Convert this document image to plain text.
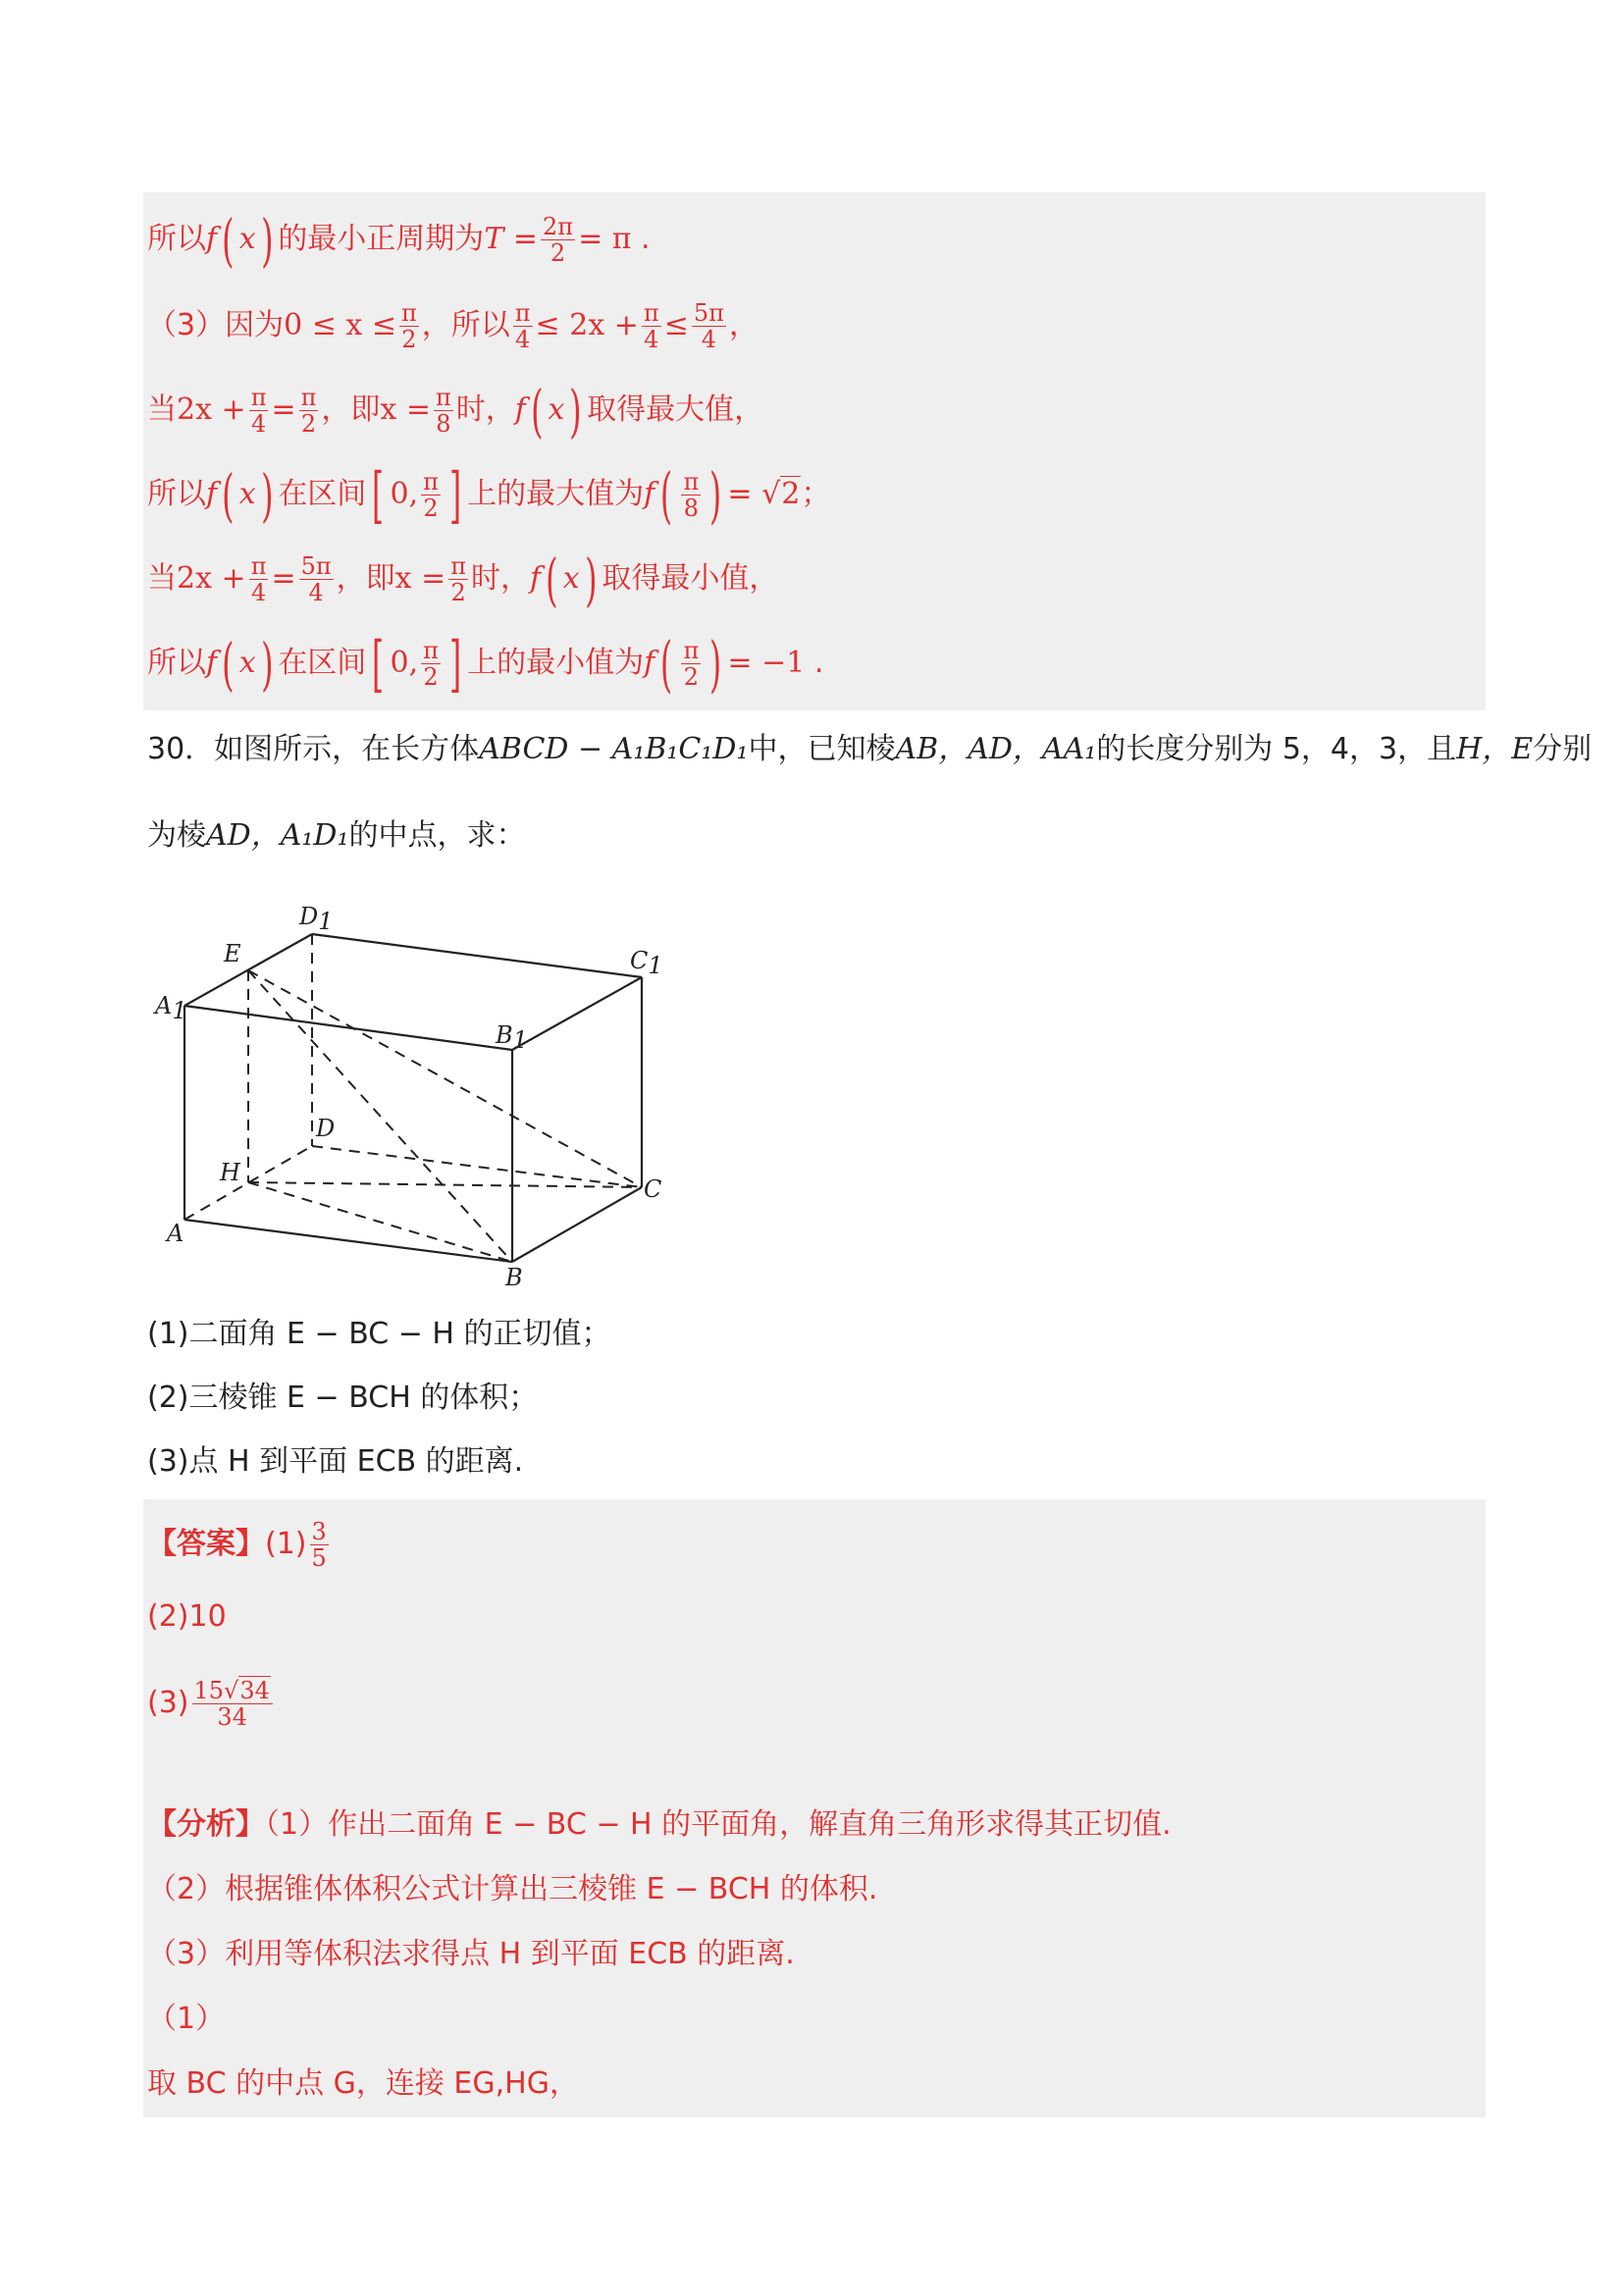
所以f( x) 的最小正周期为$T = \frac{2\pi}{2} = \pi$ .
（3）因为$0 \le x \le \frac{\pi}{2}$ ，所以 $\frac{\pi}{4} \le 2x + \frac{\pi}{4} \le \frac{5\pi}{4}$ ，
当$2x + \frac{\pi}{4} = \frac{\pi}{2}$ ，即$x = \frac{\pi}{8}$ 时，f( x) 取得最大值，
所以f( x) 在区间[ 0, $\frac{\pi}{2}$ ] 上的最大值为$f( \frac{\pi}{8}$ ) = √2；
当$2x + \frac{\pi}{4} = \frac{5\pi}{4}$ ，即$x = \frac{\pi}{2}$ 时，f( x) 取得最小值，
所以f( x) 在区间[ 0, $\frac{\pi}{2}$ ] 上的最小值为$f( \frac{\pi}{2}$ ) = −1 .
30．如图所示，在长方体ABCD − A₁B₁C₁D₁中，已知棱AB，AD，AA₁的长度分别为 5，4，3，且H，E分别
为棱AD，A₁D₁的中点，求：
D1
C1
E
A1
B1
D
H
C
A
B
(1)二面角 E − BC − H 的正切值；
(2)三棱锥 E − BCH 的体积；
(3)点 H 到平面 ECB 的距离.
【答案】$(1) \frac{3}{5}$
(2)10
$(3) \frac{15√34}{34}$
【分析】（1）作出二面角 E − BC − H 的平面角，解直角三角形求得其正切值.
（2）根据锥体体积公式计算出三棱锥 E − BCH 的体积.
（3）利用等体积法求得点 H 到平面 ECB 的距离.
（1）
取 BC 的中点 G，连接 EG,HG，
